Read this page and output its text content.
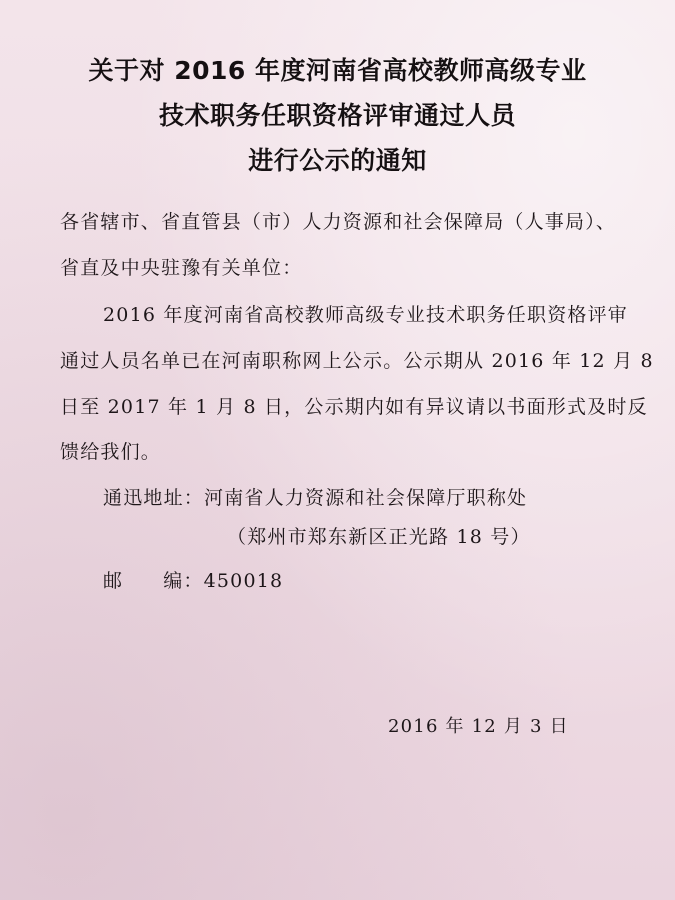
关于对 2016 年度河南省高校教师高级专业
技术职务任职资格评审通过人员
进行公示的通知
各省辖市、省直管县（市）人力资源和社会保障局（人事局）、
省直及中央驻豫有关单位：
2016 年度河南省高校教师高级专业技术职务任职资格评审
通过人员名单已在河南职称网上公示。公示期从 2016 年 12 月 8
日至 2017 年 1 月 8 日，公示期内如有异议请以书面形式及时反
馈给我们。
通迅地址：河南省人力资源和社会保障厅职称处
（郑州市郑东新区正光路 18 号）
邮 编：450018
2016 年 12 月 3 日
